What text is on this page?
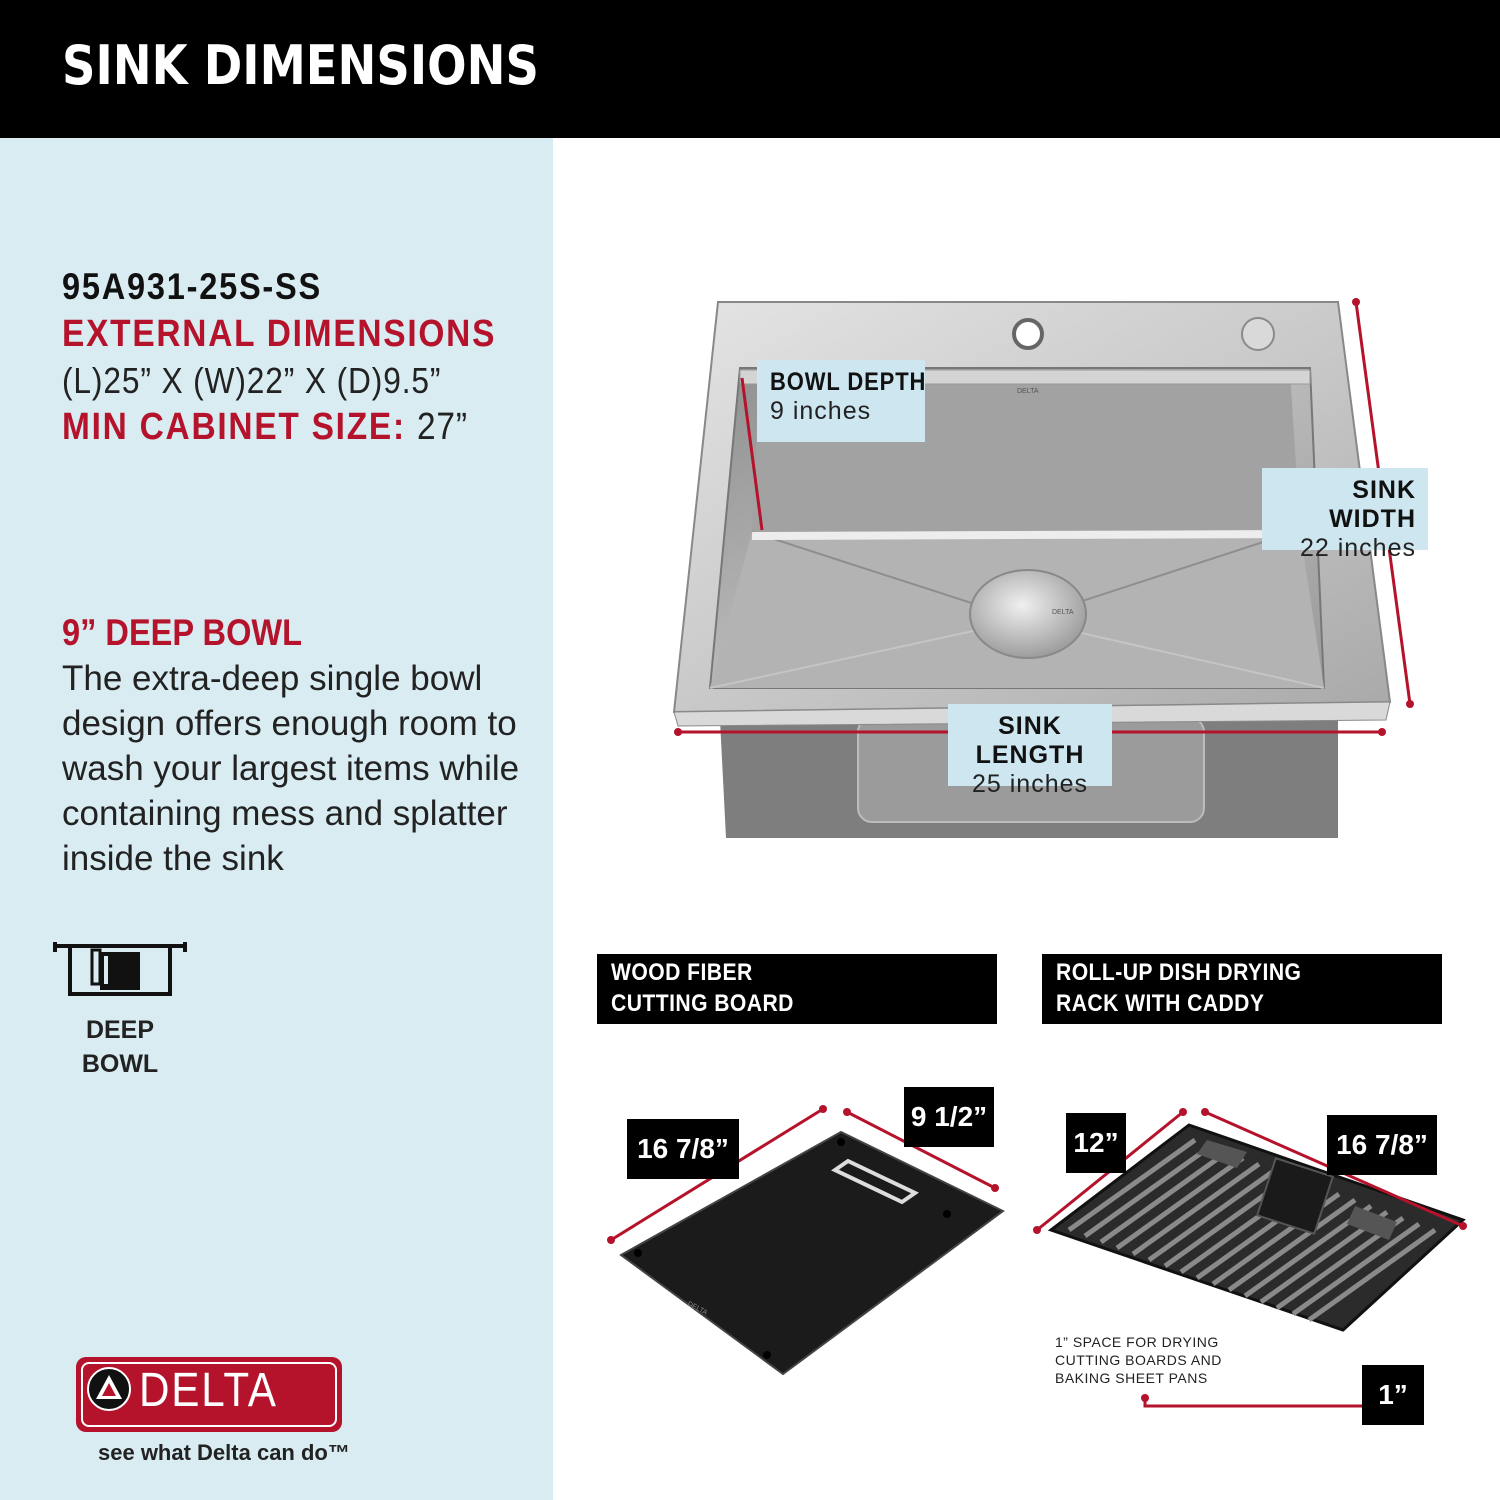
SINK DIMENSIONS
95A931-25S-SS
EXTERNAL DIMENSIONS
(L)25” X (W)22” X (D)9.5”
MIN CABINET SIZE: 27”
9” DEEP BOWL
The extra-deep single bowl design offers enough room to wash your largest items while containing mess and splatter inside the sink
DEEP
BOWL
DELTA
see what Delta can do™
DELTA
DELTA
BOWL DEPTH
9 inches
SINK WIDTH
22 inches
SINK LENGTH
25 inches
WOOD FIBER
CUTTING BOARD
ROLL-UP DISH DRYING
RACK WITH CADDY
DELTA
16 7/8”
9 1/2”
12”	16 7/8”
1”
1” SPACE FOR DRYING CUTTING BOARDS AND BAKING SHEET PANS
